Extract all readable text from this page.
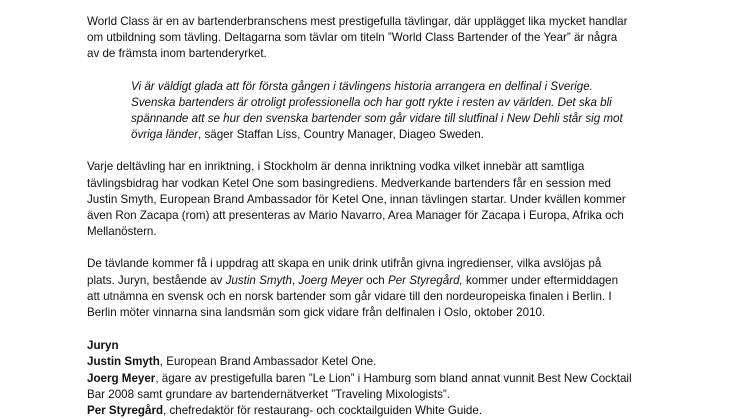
World Class är en av bartenderbranschens mest prestigefulla tävlingar, där upplägget lika mycket handlar
om utbildning som tävling. Deltagarna som tävlar om titeln ”World Class Bartender of the Year” är några
av de främsta inom bartenderyrket.

Vi är väldigt glada att för första gången i tävlingens historia arrangera en delfinal i Sverige.
Svenska bartenders är otroligt professionella och har gott rykte i resten av världen. Det ska bli
spännande att se hur den svenska bartender som går vidare till slutfinal i New Dehli står sig mot
övriga länder, säger Staffan Liss, Country Manager, Diageo Sweden.

Varje deltävling har en inriktning, i Stockholm är denna inriktning vodka vilket innebär att samtliga
tävlingsbidrag har vodkan Ketel One som basingrediens. Medverkande bartenders får en session med
Justin Smyth, European Brand Ambassador för Ketel One, innan tävlingen startar. Under kvällen kommer
även Ron Zacapa (rom) att presenteras av Mario Navarro, Area Manager för Zacapa i Europa, Afrika och
Mellanöstern.

De tävlande kommer få i uppdrag att skapa en unik drink utifrån givna ingredienser, vilka avslöjas på
plats. Juryn, bestående av Justin Smyth, Joerg Meyer och Per Styregård, kommer under eftermiddagen
att utnämna en svensk och en norsk bartender som går vidare till den nordeuropeiska finalen i Berlin. I
Berlin möter vinnarna sina landsmän som gick vidare från delfinalen i Oslo, oktober 2010.

Juryn

Justin Smyth, European Brand Ambassador Ketel One.

Joerg Meyer, ägare av prestigefulla baren ”Le Lion” i Hamburg som bland annat vunnit Best New Cocktail

Bar 2008 samt grundare av bartendernätverket ”Traveling Mixologists”.

Per Styregård, chefredaktör för restaurang- och cocktailguiden White Guide.
